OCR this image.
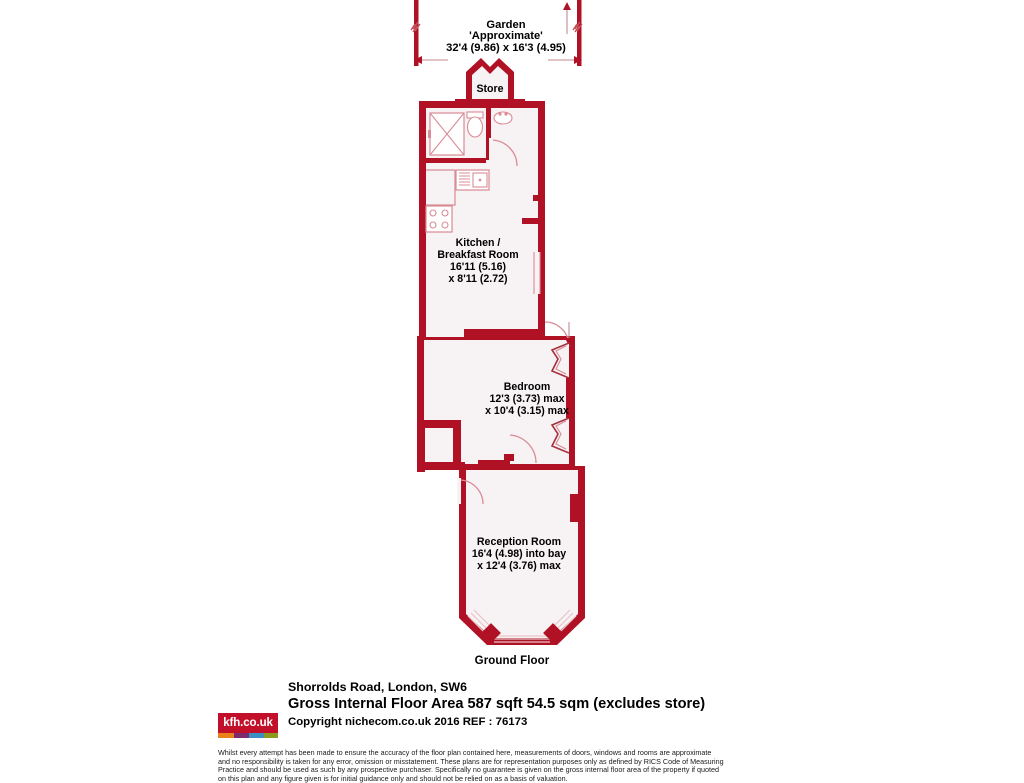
Garden
'Approximate'
32'4 (9.86) x 16'3 (4.95)
Store
Kitchen /
Breakfast Room
16'11 (5.16)
x 8'11 (2.72)
Bedroom
12'3 (3.73) max
x 10'4 (3.15) max
Reception Room
16'4 (4.98) into bay
x 12'4 (3.76) max
Ground Floor
kfh.co.uk
Shorrolds Road, London, SW6
Gross Internal Floor Area 587 sqft 54.5 sqm (excludes store)
Copyright nichecom.co.uk 2016 REF : 76173

Whilst every attempt has been made to ensure the accuracy of the floor plan contained here, measurements of doors, windows and rooms are approximate

and no responsibility is taken for any error, omission or misstatement. These plans are for representation purposes only as defined by RICS Code of Measuring

Practice and should be used as such by any prospective purchaser. Specifically no guarantee is given on the gross internal floor area of the property if quoted

on this plan and any figure given is for initial guidance only and should not be relied on as a basis of valuation.
